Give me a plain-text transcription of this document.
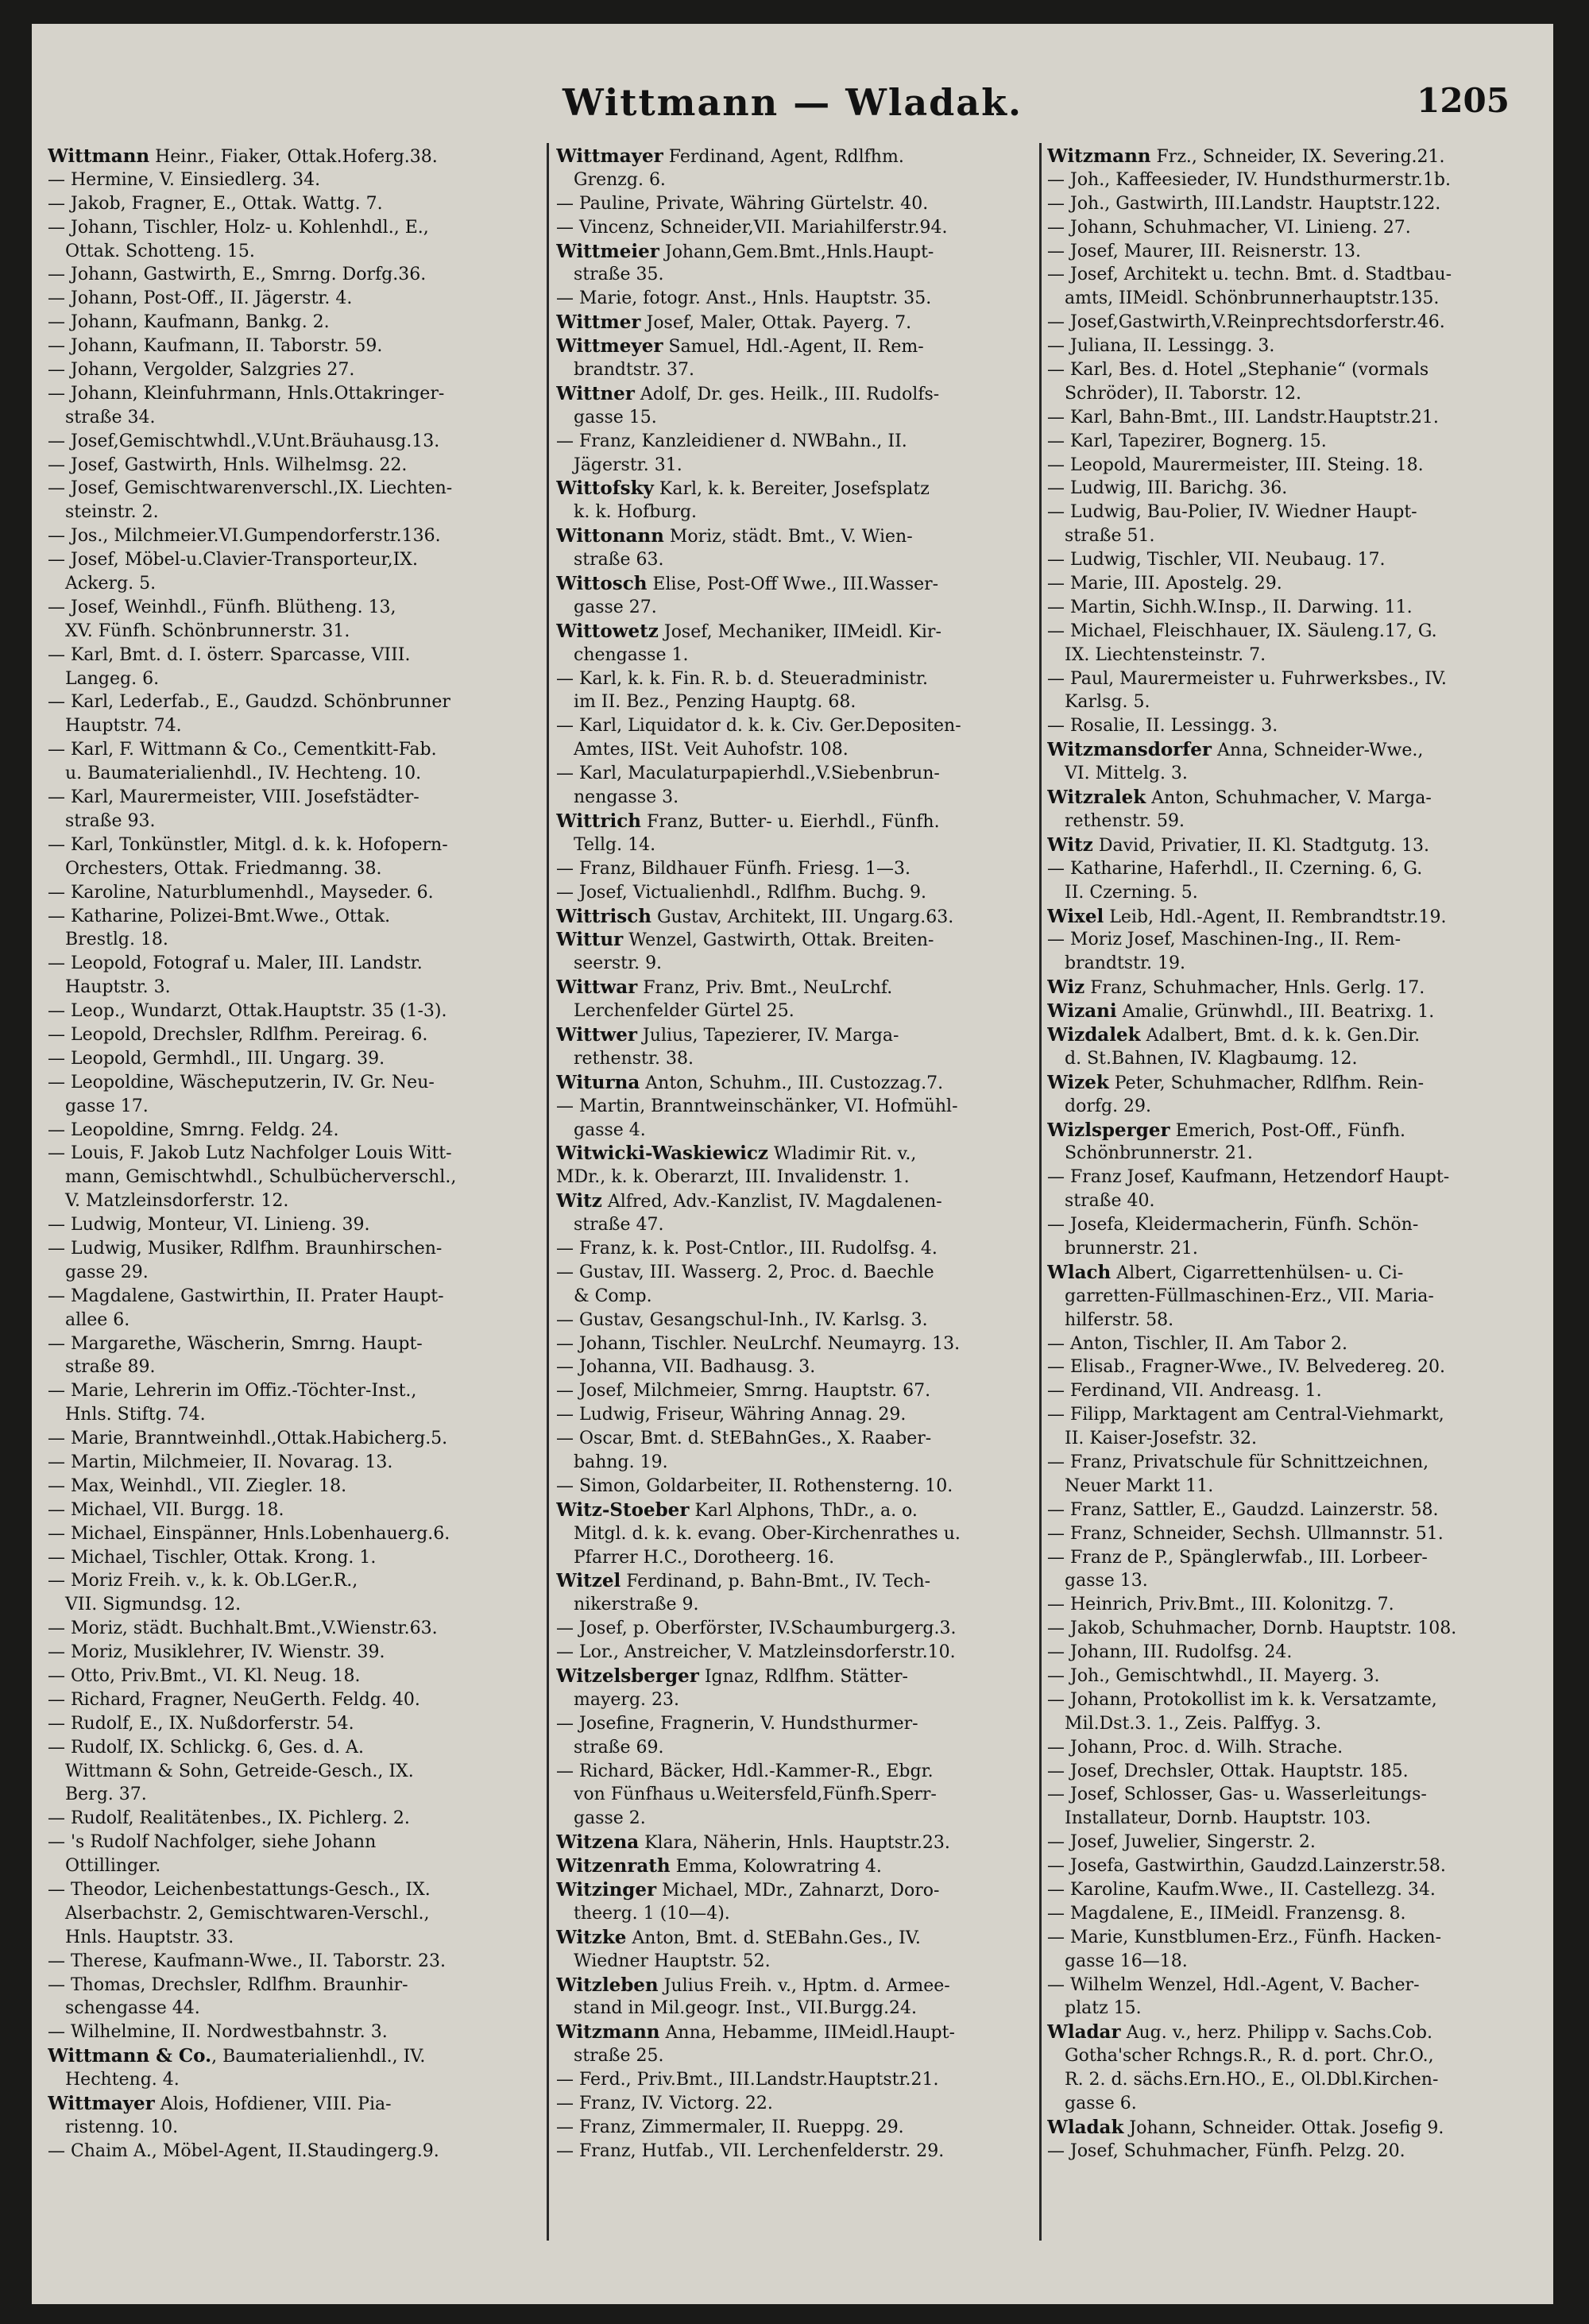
Wittmann — Wladak.	1205
Wittmann Heinr., Fiaker, Ottak.Hoferg.38.
— Hermine, V. Einsiedlerg. 34.
— Jakob, Fragner, E., Ottak. Wattg. 7.
— Johann, Tischler, Holz- u. Kohlenhdl., E.,
Ottak. Schotteng. 15.
— Johann, Gastwirth, E., Smrng. Dorfg.36.
— Johann, Post-Off., II. Jägerstr. 4.
— Johann, Kaufmann, Bankg. 2.
— Johann, Kaufmann, II. Taborstr. 59.
— Johann, Vergolder, Salzgries 27.
— Johann, Kleinfuhrmann, Hnls.Ottakringer-
straße 34.
— Josef,Gemischtwhdl.,V.Unt.Bräuhausg.13.
— Josef, Gastwirth, Hnls. Wilhelmsg. 22.
— Josef, Gemischtwarenverschl.,IX. Liechten-
steinstr. 2.
— Jos., Milchmeier.VI.Gumpendorferstr.136.
— Josef, Möbel-u.Clavier-Transporteur,IX.
Ackerg. 5.
— Josef, Weinhdl., Fünfh. Blütheng. 13,
XV. Fünfh. Schönbrunnerstr. 31.
— Karl, Bmt. d. I. österr. Sparcasse, VIII.
Langeg. 6.
— Karl, Lederfab., E., Gaudzd. Schönbrunner
Hauptstr. 74.
— Karl, F. Wittmann & Co., Cementkitt-Fab.
u. Baumaterialienhdl., IV. Hechteng. 10.
— Karl, Maurermeister, VIII. Josefstädter-
straße 93.
— Karl, Tonkünstler, Mitgl. d. k. k. Hofopern-
Orchesters, Ottak. Friedmanng. 38.
— Karoline, Naturblumenhdl., Mayseder. 6.
— Katharine, Polizei-Bmt.Wwe., Ottak.
Brestlg. 18.
— Leopold, Fotograf u. Maler, III. Landstr.
Hauptstr. 3.
— Leop., Wundarzt, Ottak.Hauptstr. 35 (1-3).
— Leopold, Drechsler, Rdlfhm. Pereirag. 6.
— Leopold, Germhdl., III. Ungarg. 39.
— Leopoldine, Wäscheputzerin, IV. Gr. Neu-
gasse 17.
— Leopoldine, Smrng. Feldg. 24.
— Louis, F. Jakob Lutz Nachfolger Louis Witt-
mann, Gemischtwhdl., Schulbücherverschl.,
V. Matzleinsdorferstr. 12.
— Ludwig, Monteur, VI. Linieng. 39.
— Ludwig, Musiker, Rdlfhm. Braunhirschen-
gasse 29.
— Magdalene, Gastwirthin, II. Prater Haupt-
allee 6.
— Margarethe, Wäscherin, Smrng. Haupt-
straße 89.
— Marie, Lehrerin im Offiz.-Töchter-Inst.,
Hnls. Stiftg. 74.
— Marie, Branntweinhdl.,Ottak.Habicherg.5.
— Martin, Milchmeier, II. Novarag. 13.
— Max, Weinhdl., VII. Ziegler. 18.
— Michael, VII. Burgg. 18.
— Michael, Einspänner, Hnls.Lobenhauerg.6.
— Michael, Tischler, Ottak. Krong. 1.
— Moriz Freih. v., k. k. Ob.LGer.R.,
VII. Sigmundsg. 12.
— Moriz, städt. Buchhalt.Bmt.,V.Wienstr.63.
— Moriz, Musiklehrer, IV. Wienstr. 39.
— Otto, Priv.Bmt., VI. Kl. Neug. 18.
— Richard, Fragner, NeuGerth. Feldg. 40.
— Rudolf, E., IX. Nußdorferstr. 54.
— Rudolf, IX. Schlickg. 6, Ges. d. A.
Wittmann & Sohn, Getreide-Gesch., IX.
Berg. 37.
— Rudolf, Realitätenbes., IX. Pichlerg. 2.
— 's Rudolf Nachfolger, siehe Johann
Ottillinger.
— Theodor, Leichenbestattungs-Gesch., IX.
Alserbachstr. 2, Gemischtwaren-Verschl.,
Hnls. Hauptstr. 33.
— Therese, Kaufmann-Wwe., II. Taborstr. 23.
— Thomas, Drechsler, Rdlfhm. Braunhir-
schengasse 44.
— Wilhelmine, II. Nordwestbahnstr. 3.
Wittmann & Co., Baumaterialienhdl., IV.
Hechteng. 4.
Wittmayer Alois, Hofdiener, VIII. Pia-
ristenng. 10.
— Chaim A., Möbel-Agent, II.Staudingerg.9.
Wittmayer Ferdinand, Agent, Rdlfhm.
Grenzg. 6.
— Pauline, Private, Währing Gürtelstr. 40.
— Vincenz, Schneider,VII. Mariahilferstr.94.
Wittmeier Johann,Gem.Bmt.,Hnls.Haupt-
straße 35.
— Marie, fotogr. Anst., Hnls. Hauptstr. 35.
Wittmer Josef, Maler, Ottak. Payerg. 7.
Wittmeyer Samuel, Hdl.-Agent, II. Rem-
brandtstr. 37.
Wittner Adolf, Dr. ges. Heilk., III. Rudolfs-
gasse 15.
— Franz, Kanzleidiener d. NWBahn., II.
Jägerstr. 31.
Wittofsky Karl, k. k. Bereiter, Josefsplatz
k. k. Hofburg.
Wittonann Moriz, städt. Bmt., V. Wien-
straße 63.
Wittosch Elise, Post-Off Wwe., III.Wasser-
gasse 27.
Wittowetz Josef, Mechaniker, IIMeidl. Kir-
chengasse 1.
— Karl, k. k. Fin. R. b. d. Steueradministr.
im II. Bez., Penzing Hauptg. 68.
— Karl, Liquidator d. k. k. Civ. Ger.Depositen-
Amtes, IISt. Veit Auhofstr. 108.
— Karl, Maculaturpapierhdl.,V.Siebenbrun-
nengasse 3.
Wittrich Franz, Butter- u. Eierhdl., Fünfh.
Tellg. 14.
— Franz, Bildhauer Fünfh. Friesg. 1—3.
— Josef, Victualienhdl., Rdlfhm. Buchg. 9.
Wittrisch Gustav, Architekt, III. Ungarg.63.
Wittur Wenzel, Gastwirth, Ottak. Breiten-
seerstr. 9.
Wittwar Franz, Priv. Bmt., NeuLrchf.
Lerchenfelder Gürtel 25.
Wittwer Julius, Tapezierer, IV. Marga-
rethenstr. 38.
Witurna Anton, Schuhm., III. Custozzag.7.
— Martin, Branntweinschänker, VI. Hofmühl-
gasse 4.
Witwicki-Waskiewicz Wladimir Rit. v.,
MDr., k. k. Oberarzt, III. Invalidenstr. 1.
Witz Alfred, Adv.-Kanzlist, IV. Magdalenen-
straße 47.
— Franz, k. k. Post-Cntlor., III. Rudolfsg. 4.
— Gustav, III. Wasserg. 2, Proc. d. Baechle
& Comp.
— Gustav, Gesangschul-Inh., IV. Karlsg. 3.
— Johann, Tischler. NeuLrchf. Neumayrg. 13.
— Johanna, VII. Badhausg. 3.
— Josef, Milchmeier, Smrng. Hauptstr. 67.
— Ludwig, Friseur, Währing Annag. 29.
— Oscar, Bmt. d. StEBahnGes., X. Raaber-
bahng. 19.
— Simon, Goldarbeiter, II. Rothensterng. 10.
Witz-Stoeber Karl Alphons, ThDr., a. o.
Mitgl. d. k. k. evang. Ober-Kirchenrathes u.
Pfarrer H.C., Dorotheerg. 16.
Witzel Ferdinand, p. Bahn-Bmt., IV. Tech-
nikerstraße 9.
— Josef, p. Oberförster, IV.Schaumburgerg.3.
— Lor., Anstreicher, V. Matzleinsdorferstr.10.
Witzelsberger Ignaz, Rdlfhm. Stätter-
mayerg. 23.
— Josefine, Fragnerin, V. Hundsthurmer-
straße 69.
— Richard, Bäcker, Hdl.-Kammer-R., Ebgr.
von Fünfhaus u.Weitersfeld,Fünfh.Sperr-
gasse 2.
Witzena Klara, Näherin, Hnls. Hauptstr.23.
Witzenrath Emma, Kolowratring 4.
Witzinger Michael, MDr., Zahnarzt, Doro-
theerg. 1 (10—4).
Witzke Anton, Bmt. d. StEBahn.Ges., IV.
Wiedner Hauptstr. 52.
Witzleben Julius Freih. v., Hptm. d. Armee-
stand in Mil.geogr. Inst., VII.Burgg.24.
Witzmann Anna, Hebamme, IIMeidl.Haupt-
straße 25.
— Ferd., Priv.Bmt., III.Landstr.Hauptstr.21.
— Franz, IV. Victorg. 22.
— Franz, Zimmermaler, II. Rueppg. 29.
— Franz, Hutfab., VII. Lerchenfelderstr. 29.
Witzmann Frz., Schneider, IX. Severing.21.
— Joh., Kaffeesieder, IV. Hundsthurmerstr.1b.
— Joh., Gastwirth, III.Landstr. Hauptstr.122.
— Johann, Schuhmacher, VI. Linieng. 27.
— Josef, Maurer, III. Reisnerstr. 13.
— Josef, Architekt u. techn. Bmt. d. Stadtbau-
amts, IIMeidl. Schönbrunnerhauptstr.135.
— Josef,Gastwirth,V.Reinprechtsdorferstr.46.
— Juliana, II. Lessingg. 3.
— Karl, Bes. d. Hotel „Stephanie“ (vormals
Schröder), II. Taborstr. 12.
— Karl, Bahn-Bmt., III. Landstr.Hauptstr.21.
— Karl, Tapezirer, Bognerg. 15.
— Leopold, Maurermeister, III. Steing. 18.
— Ludwig, III. Barichg. 36.
— Ludwig, Bau-Polier, IV. Wiedner Haupt-
straße 51.
— Ludwig, Tischler, VII. Neubaug. 17.
— Marie, III. Apostelg. 29.
— Martin, Sichh.W.Insp., II. Darwing. 11.
— Michael, Fleischhauer, IX. Säuleng.17, G.
IX. Liechtensteinstr. 7.
— Paul, Maurermeister u. Fuhrwerksbes., IV.
Karlsg. 5.
— Rosalie, II. Lessingg. 3.
Witzmansdorfer Anna, Schneider-Wwe.,
VI. Mittelg. 3.
Witzralek Anton, Schuhmacher, V. Marga-
rethenstr. 59.
Witz David, Privatier, II. Kl. Stadtgutg. 13.
— Katharine, Haferhdl., II. Czerning. 6, G.
II. Czerning. 5.
Wixel Leib, Hdl.-Agent, II. Rembrandtstr.19.
— Moriz Josef, Maschinen-Ing., II. Rem-
brandtstr. 19.
Wiz Franz, Schuhmacher, Hnls. Gerlg. 17.
Wizani Amalie, Grünwhdl., III. Beatrixg. 1.
Wizdalek Adalbert, Bmt. d. k. k. Gen.Dir.
d. St.Bahnen, IV. Klagbaumg. 12.
Wizek Peter, Schuhmacher, Rdlfhm. Rein-
dorfg. 29.
Wizlsperger Emerich, Post-Off., Fünfh.
Schönbrunnerstr. 21.
— Franz Josef, Kaufmann, Hetzendorf Haupt-
straße 40.
— Josefa, Kleidermacherin, Fünfh. Schön-
brunnerstr. 21.
Wlach Albert, Cigarrettenhülsen- u. Ci-
garretten-Füllmaschinen-Erz., VII. Maria-
hilferstr. 58.
— Anton, Tischler, II. Am Tabor 2.
— Elisab., Fragner-Wwe., IV. Belvedereg. 20.
— Ferdinand, VII. Andreasg. 1.
— Filipp, Marktagent am Central-Viehmarkt,
II. Kaiser-Josefstr. 32.
— Franz, Privatschule für Schnittzeichnen,
Neuer Markt 11.
— Franz, Sattler, E., Gaudzd. Lainzerstr. 58.
— Franz, Schneider, Sechsh. Ullmannstr. 51.
— Franz de P., Spänglerwfab., III. Lorbeer-
gasse 13.
— Heinrich, Priv.Bmt., III. Kolonitzg. 7.
— Jakob, Schuhmacher, Dornb. Hauptstr. 108.
— Johann, III. Rudolfsg. 24.
— Joh., Gemischtwhdl., II. Mayerg. 3.
— Johann, Protokollist im k. k. Versatzamte,
Mil.Dst.3. 1., Zeis. Palffyg. 3.
— Johann, Proc. d. Wilh. Strache.
— Josef, Drechsler, Ottak. Hauptstr. 185.
— Josef, Schlosser, Gas- u. Wasserleitungs-
Installateur, Dornb. Hauptstr. 103.
— Josef, Juwelier, Singerstr. 2.
— Josefa, Gastwirthin, Gaudzd.Lainzerstr.58.
— Karoline, Kaufm.Wwe., II. Castellezg. 34.
— Magdalene, E., IIMeidl. Franzensg. 8.
— Marie, Kunstblumen-Erz., Fünfh. Hacken-
gasse 16—18.
— Wilhelm Wenzel, Hdl.-Agent, V. Bacher-
platz 15.
Wladar Aug. v., herz. Philipp v. Sachs.Cob.
Gotha'scher Rchngs.R., R. d. port. Chr.O.,
R. 2. d. sächs.Ern.HO., E., Ol.Dbl.Kirchen-
gasse 6.
Wladak Johann, Schneider. Ottak. Josefig 9.
— Josef, Schuhmacher, Fünfh. Pelzg. 20.
